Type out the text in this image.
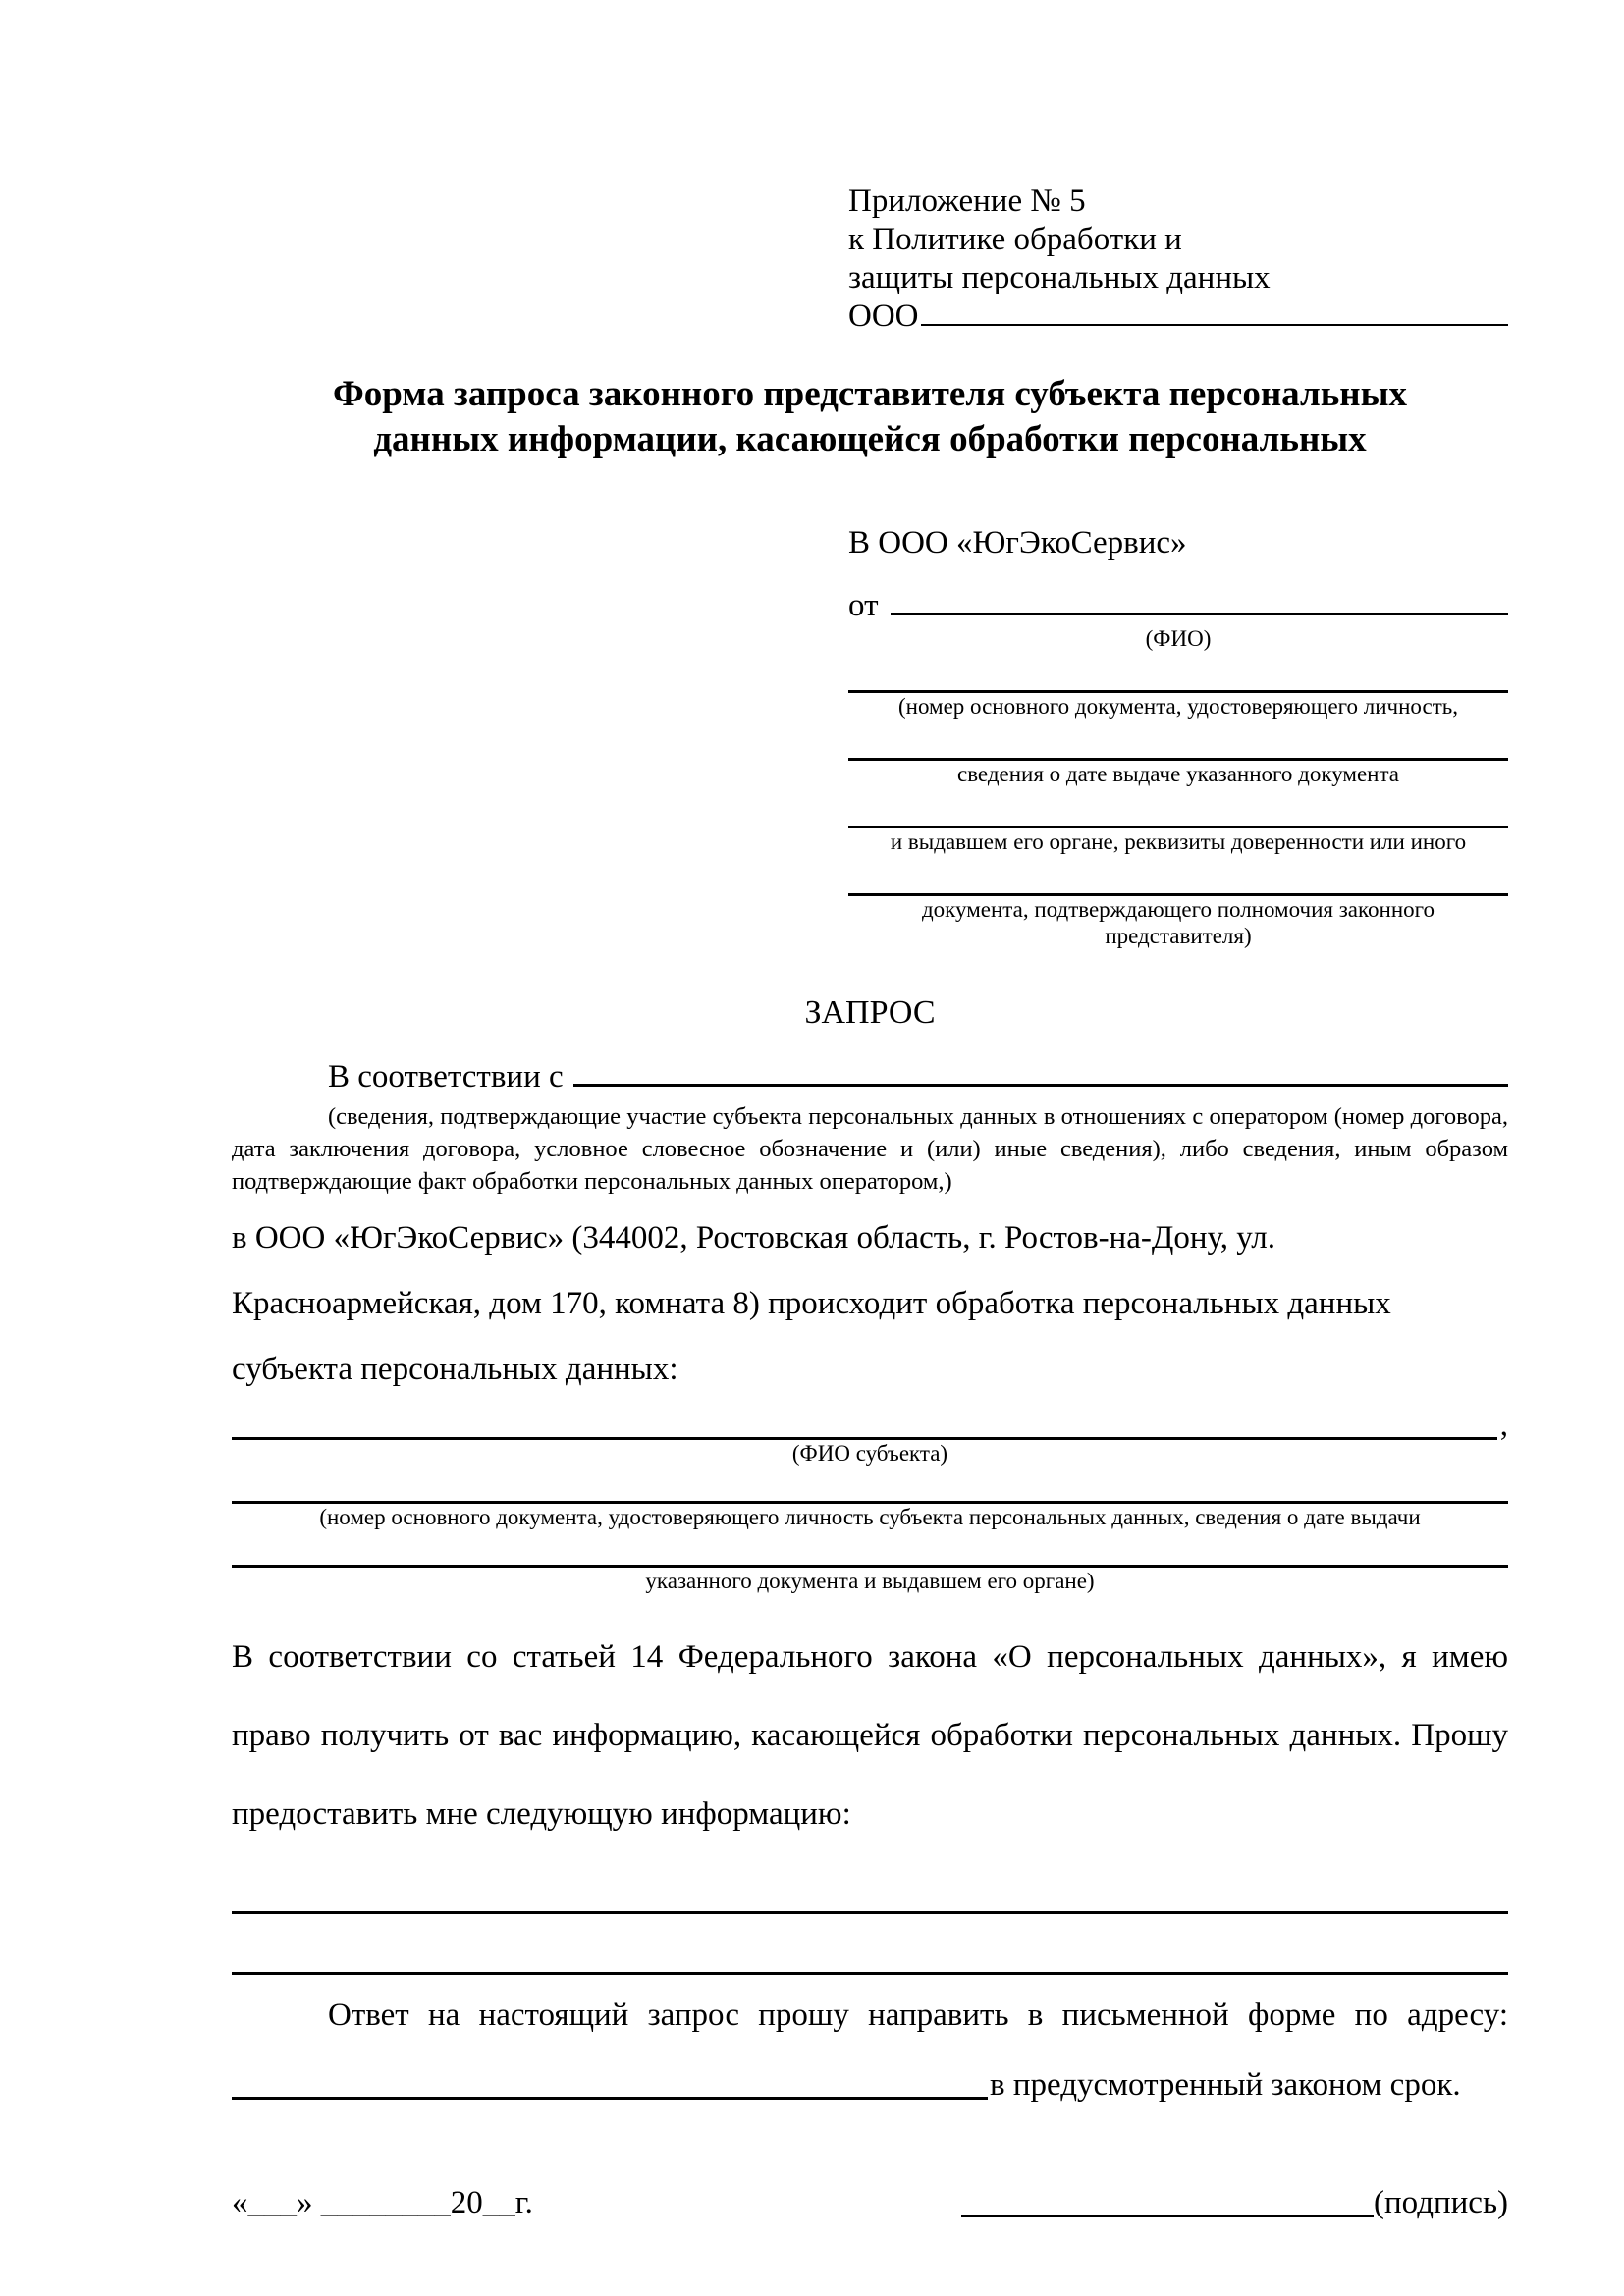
Приложение № 5
к Политике обработки и
защиты персональных данных
ООО
Форма запроса законного представителя субъекта персональных
данных информации, касающейся обработки персональных
В ООО «ЮгЭкоСервис»
от
(ФИО)
(номер основного документа, удостоверяющего личность,
сведения о дате выдаче указанного документа
и выдавшем его органе, реквизиты доверенности или иного
документа, подтверждающего полномочия законного представителя)
ЗАПРОС
В соответствии с
(сведения, подтверждающие участие субъекта персональных данных в отношениях с оператором (номер договора, дата заключения договора, условное словесное обозначение и (или) иные сведения), либо сведения, иным образом подтверждающие факт обработки персональных данных оператором,)

в ООО «ЮгЭкоСервис» (344002, Ростовская область, г. Ростов-на-Дону, ул. Красноармейская, дом 170, комната 8) происходит обработка персональных данных субъекта персональных данных:

,
(ФИО субъекта)
(номер основного документа, удостоверяющего личность субъекта персональных данных, сведения о дате выдачи
указанного документа и выдавшем его органе)

В соответствии со статьей 14 Федерального закона «О персональных данных», я имею право получить от вас информацию, касающейся обработки персональных данных. Прошу предоставить мне следующую информацию:

Ответ на настоящий запрос прошу направить в письменной форме по адресу:

в предусмотренный законом срок.
«___» ________20__г.	(подпись)
